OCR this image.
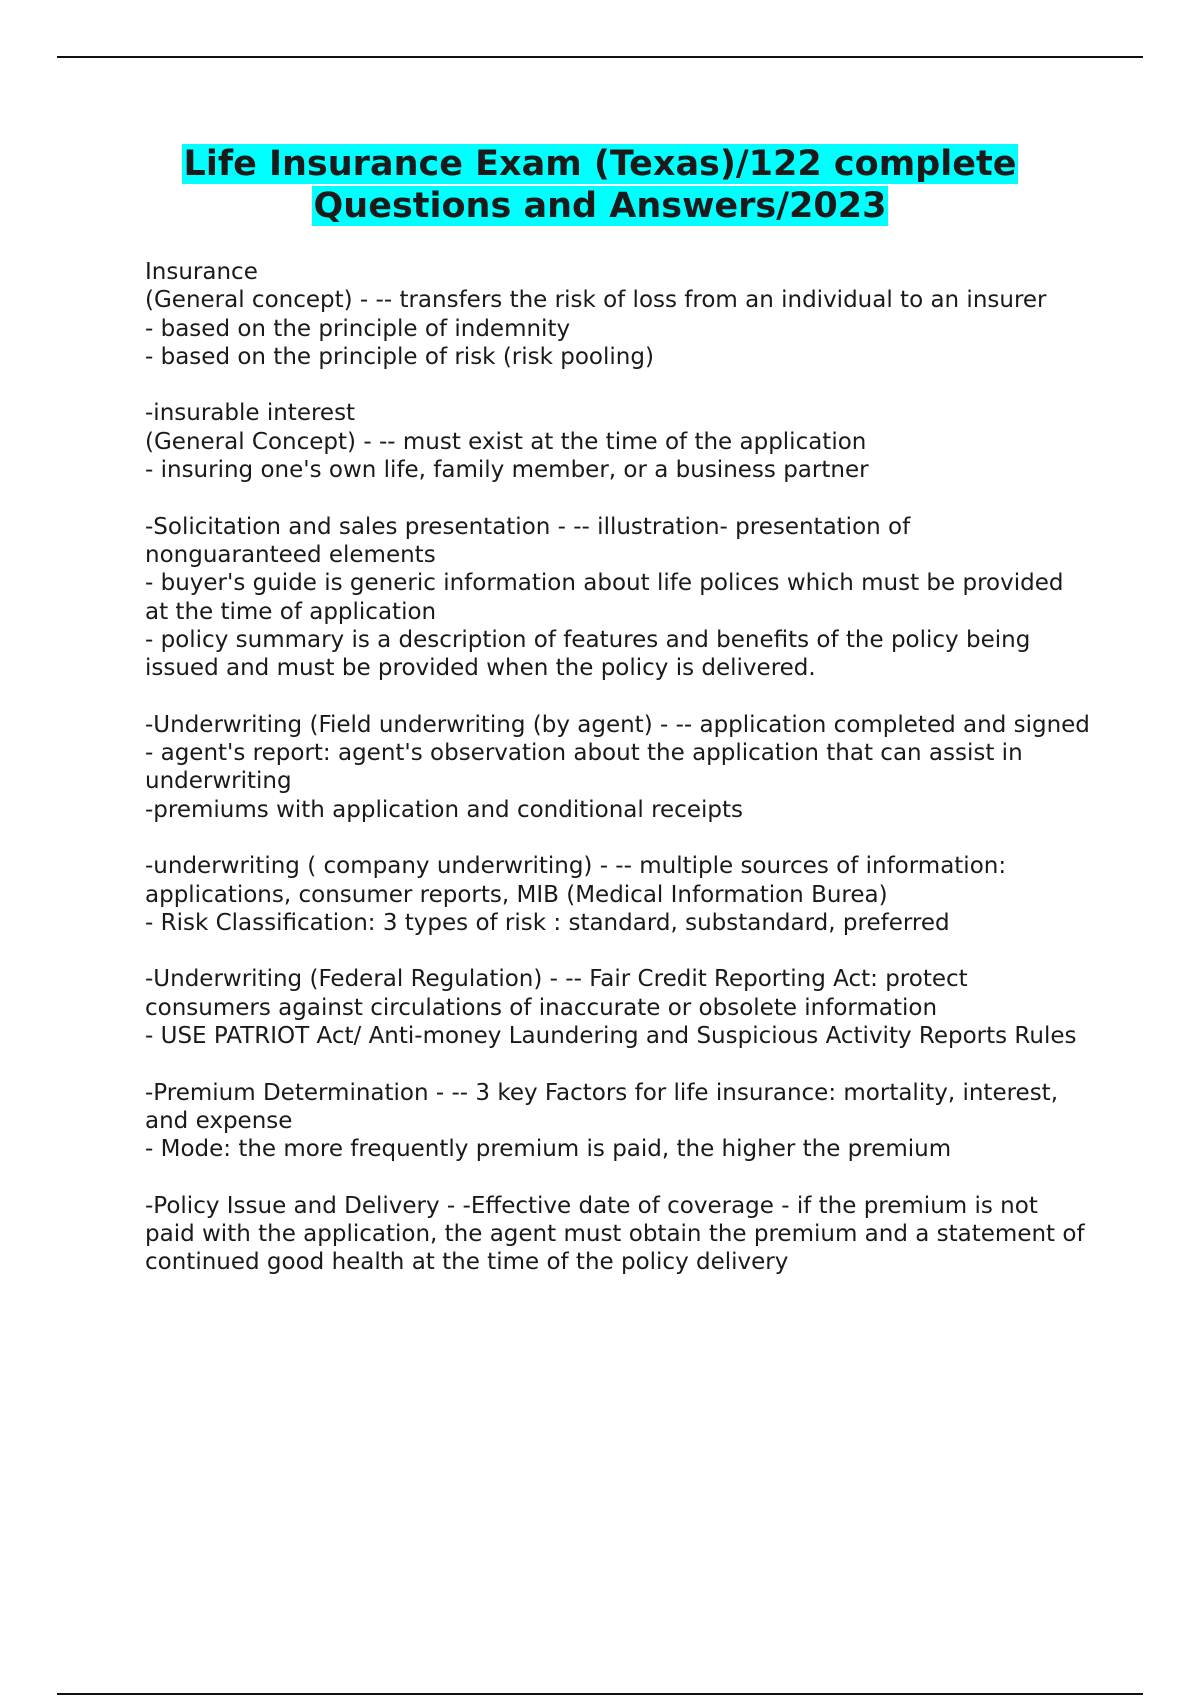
Life Insurance Exam (Texas)/122 complete
Questions and Answers/2023

Insurance
(General concept) - -- transfers the risk of loss from an individual to an insurer
- based on the principle of indemnity
- based on the principle of risk (risk pooling)

-insurable interest
(General Concept) - -- must exist at the time of the application
- insuring one's own life, family member, or a business partner

-Solicitation and sales presentation - -- illustration- presentation of nonguaranteed elements
- buyer's guide is generic information about life polices which must be provided at the time of application
- policy summary is a description of features and benefits of the policy being issued and must be provided when the policy is delivered.

-Underwriting (Field underwriting (by agent) - -- application completed and signed
- agent's report: agent's observation about the application that can assist in underwriting
-premiums with application and conditional receipts

-underwriting ( company underwriting) - -- multiple sources of information: applications, consumer reports, MIB (Medical Information Burea)
- Risk Classification: 3 types of risk : standard, substandard, preferred

-Underwriting (Federal Regulation) - -- Fair Credit Reporting Act: protect consumers against circulations of inaccurate or obsolete information
- USE PATRIOT Act/ Anti-money Laundering and Suspicious Activity Reports Rules

-Premium Determination - -- 3 key Factors for life insurance: mortality, interest, and expense
- Mode: the more frequently premium is paid, the higher the premium

-Policy Issue and Delivery - -Effective date of coverage - if the premium is not paid with the application, the agent must obtain the premium and a statement of continued good health at the time of the policy delivery
